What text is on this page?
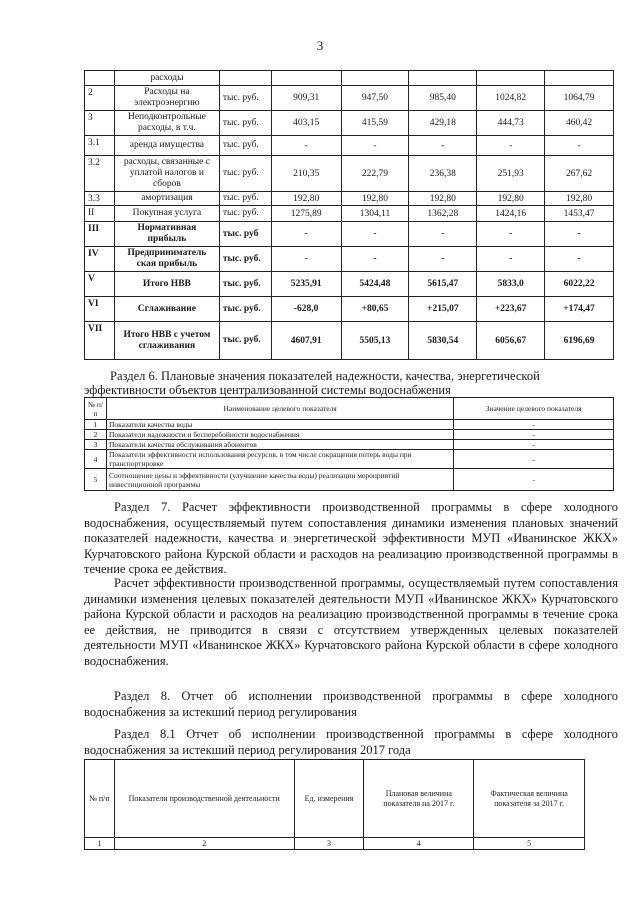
3
	расходы						
2	Расходы на электроэнергию	тыс. руб.	909,31	947,50	985,40	1024,82	1064,79
3	Неподконтрольные расходы, в т.ч.	тыс. руб.	403,15	415,59	429,18	444,73	460,42
3.1	аренда имущества	тыс. руб.	-	-	-	-	-
3.2	расходы, связанные с уплатой налогов и сборов	тыс. руб.	210,35	222,79	236,38	251,93	267,62
3.3	амортизация	тыс. руб.	192,80	192,80	192,80	192,80	192,80
II	Покупная услуга	тыс. руб.	1275,89	1304,11	1362,28	1424,16	1453,47
III	Нормативная прибыль	тыс. руб	-	-	-	-	-
IV	Предприниматель ская прибыль	тыс. руб.	-	-	-	-	-
V	Итого НВВ	тыс. руб.	5235,91	5424,48	5615,47	5833,0	6022,22
VI	Сглаживание	тыс. руб.	-628,0	+80,65	+215,07	+223,67	+174,47
VII	Итого НВВ с учетом сглаживания	тыс. руб.	4607,91	5505,13	5830,54	6056,67	6196,69
Раздел 6. Плановые значения показателей надежности, качества, энергетической
эффективности объектов централизованной системы водоснабжения
№ п/п	Наименование целевого показателя	Значение целевого показателя
1	Показатели качества воды	-
2	Показатели надежности и бесперебойности водоснабжения	-
3	Показатели качества обслуживания абонентов	-
4	Показатели эффективности использования ресурсов, в том числе сокращения потерь воды при транспортировке	-
5	Соотношение цены и эффективности (улучшение качества воды) реализации мероприятий инвестиционной программы	-
Раздел 7. Расчет эффективности производственной программы в сфере холодного водоснабжения, осуществляемый путем сопоставления динамики изменения плановых значений показателей надежности, качества и энергетической эффективности МУП «Иванинское ЖКХ» Курчатовского района Курской области и расходов на реализацию производственной программы в течение срока ее действия.
Расчет эффективности производственной программы, осуществляемый путем сопоставления динамики изменения целевых показателей деятельности МУП «Иванинское ЖКХ» Курчатовского района Курской области и расходов на реализацию производственной программы в течение срока ее действия, не приводится в связи с отсутствием утвержденных целевых показателей деятельности МУП «Иванинское ЖКХ» Курчатовского района Курской области в сфере холодного водоснабжения.
Раздел 8. Отчет об исполнении производственной программы в сфере холодного водоснабжения за истекший период регулирования
Раздел 8.1 Отчет об исполнении производственной программы в сфере холодного водоснабжения за истекший период регулирования 2017 года
№ п/п	Показатели производственной деятельности	Ед. измерения	Плановая величина показателя на 2017 г.	Фактическая величина показателя за 2017 г.
1	2	3	4	5
